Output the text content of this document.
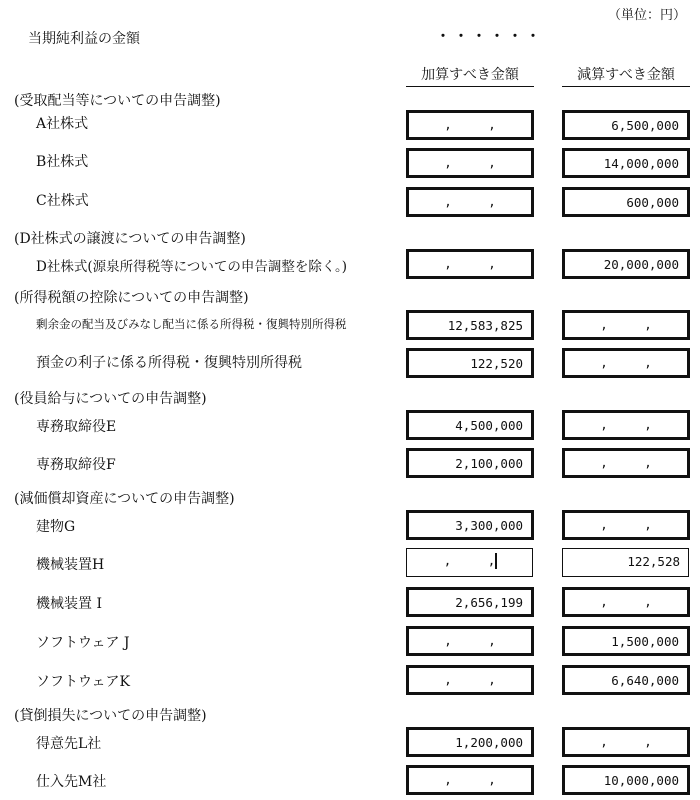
（単位：円）
当期純利益の金額	・・・・・・
加算すべき金額	減算すべき金額
(受取配当等についての申告調整)
A社株式	,	,	6,500,000
B社株式	,	,	14,000,000
C社株式	,	,	600,000
(D社株式の譲渡についての申告調整)
D社株式(源泉所得税等についての申告調整を除く。)	,	,	20,000,000
(所得税額の控除についての申告調整)
剰余金の配当及びみなし配当に係る所得税・復興特別所得税	12,583,825	,	,
預金の利子に係る所得税・復興特別所得税	122,520	,	,
(役員給与についての申告調整)
専務取締役E	4,500,000	,	,
専務取締役F	2,100,000	,	,
(減価償却資産についての申告調整)
建物G	3,300,000	,	,
機械装置H	,	,	122,528
機械装置 I	2,656,199	,	,
ソフトウェア J	,	,	1,500,000
ソフトウェアK	,	,	6,640,000
(貸倒損失についての申告調整)
得意先L社	1,200,000	,	,
仕入先M社	,	,	10,000,000
